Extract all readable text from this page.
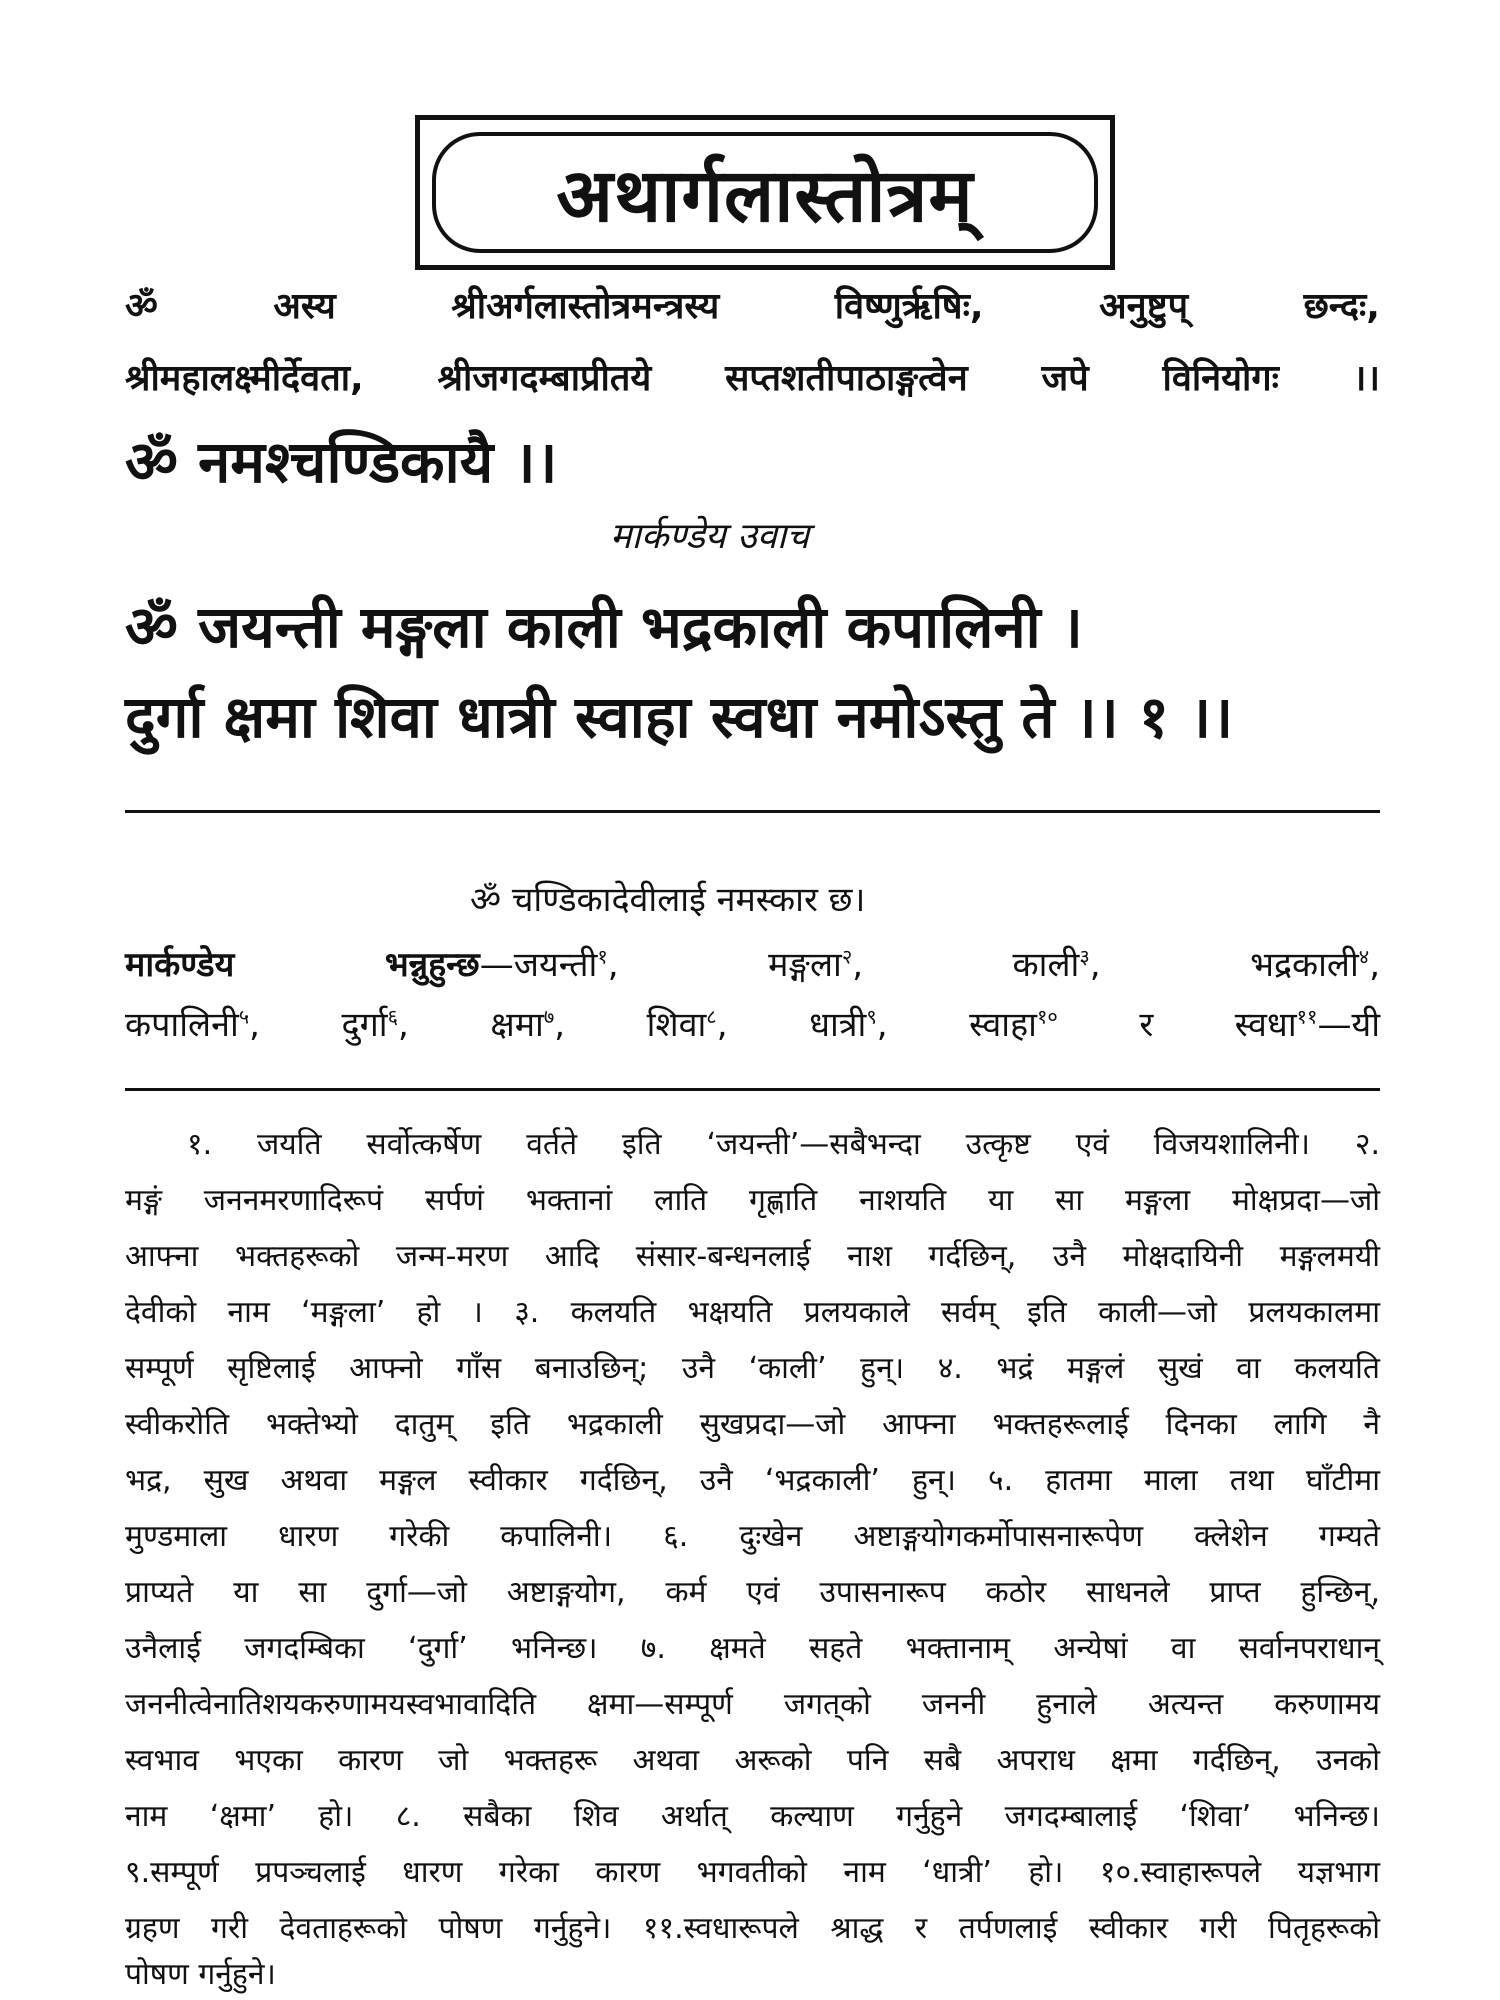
अथार्गलास्तोत्रम्
ॐ अस्य श्रीअर्गलास्तोत्रमन्त्रस्य विष्णुर्ऋषिः, अनुष्टुप् छन्दः,
श्रीमहालक्ष्मीर्देवता, श्रीजगदम्बाप्रीतये सप्तशतीपाठाङ्गत्वेन जपे विनियोगः ।।
ॐ नमश्चण्डिकायै ।।
मार्कण्डेय उवाच
ॐ जयन्ती मङ्गला काली भद्रकाली कपालिनी ।
दुर्गा क्षमा शिवा धात्री स्वाहा स्वधा नमोऽस्तु ते ।। १ ।।
ॐ चण्डिकादेवीलाई नमस्कार छ।
मार्कण्डेय भन्नुहुन्छ—जयन्ती$^१$, मङ्गला$^२$, काली$^३$, भद्रकाली$^४$,
कपालिनी$^५$, दुर्गा$^६$, क्षमा$^७$, शिवा$^८$, धात्री$^९$, स्वाहा$^{१०}$ र स्वधा$^{११}$—यी
१. जयति सर्वोत्कर्षेण वर्तते इति ‘जयन्ती’—सबैभन्दा उत्कृष्ट एवं विजयशालिनी। २.
मङ्गं जननमरणादिरूपं सर्पणं भक्तानां लाति गृह्णाति नाशयति या सा मङ्गला मोक्षप्रदा—जो
आफ्ना भक्तहरूको जन्म-मरण आदि संसार-बन्धनलाई नाश गर्दछिन्, उनै मोक्षदायिनी मङ्गलमयी
देवीको नाम ‘मङ्गला’ हो । ३. कलयति भक्षयति प्रलयकाले सर्वम् इति काली—जो प्रलयकालमा
सम्पूर्ण सृष्टिलाई आफ्नो गाँस बनाउछिन्; उनै ‘काली’ हुन्। ४. भद्रं मङ्गलं सुखं वा कलयति
स्वीकरोति भक्तेभ्यो दातुम् इति भद्रकाली सुखप्रदा—जो आफ्ना भक्तहरूलाई दिनका लागि नै
भद्र, सुख अथवा मङ्गल स्वीकार गर्दछिन्, उनै ‘भद्रकाली’ हुन्। ५. हातमा माला तथा घाँटीमा
मुण्डमाला धारण गरेकी कपालिनी। ६. दुःखेन अष्टाङ्गयोगकर्मोपासनारूपेण क्लेशेन गम्यते
प्राप्यते या सा दुर्गा—जो अष्टाङ्गयोग, कर्म एवं उपासनारूप कठोर साधनले प्राप्त हुन्छिन्,
उनैलाई जगदम्बिका ‘दुर्गा’ भनिन्छ। ७. क्षमते सहते भक्तानाम् अन्येषां वा सर्वानपराधान्
जननीत्वेनातिशयकरुणामयस्वभावादिति क्षमा—सम्पूर्ण जगत्‌को जननी हुनाले अत्यन्त करुणामय
स्वभाव भएका कारण जो भक्तहरू अथवा अरूको पनि सबै अपराध क्षमा गर्दछिन्, उनको
नाम ‘क्षमा’ हो। ८. सबैका शिव अर्थात् कल्याण गर्नुहुने जगदम्बालाई ‘शिवा’ भनिन्छ।
९.सम्पूर्ण प्रपञ्चलाई धारण गरेका कारण भगवतीको नाम ‘धात्री’ हो। १०.स्वाहारूपले यज्ञभाग
ग्रहण गरी देवताहरूको पोषण गर्नुहुने। ११.स्वधारूपले श्राद्ध र तर्पणलाई स्वीकार गरी पितृहरूको
पोषण गर्नुहुने।
